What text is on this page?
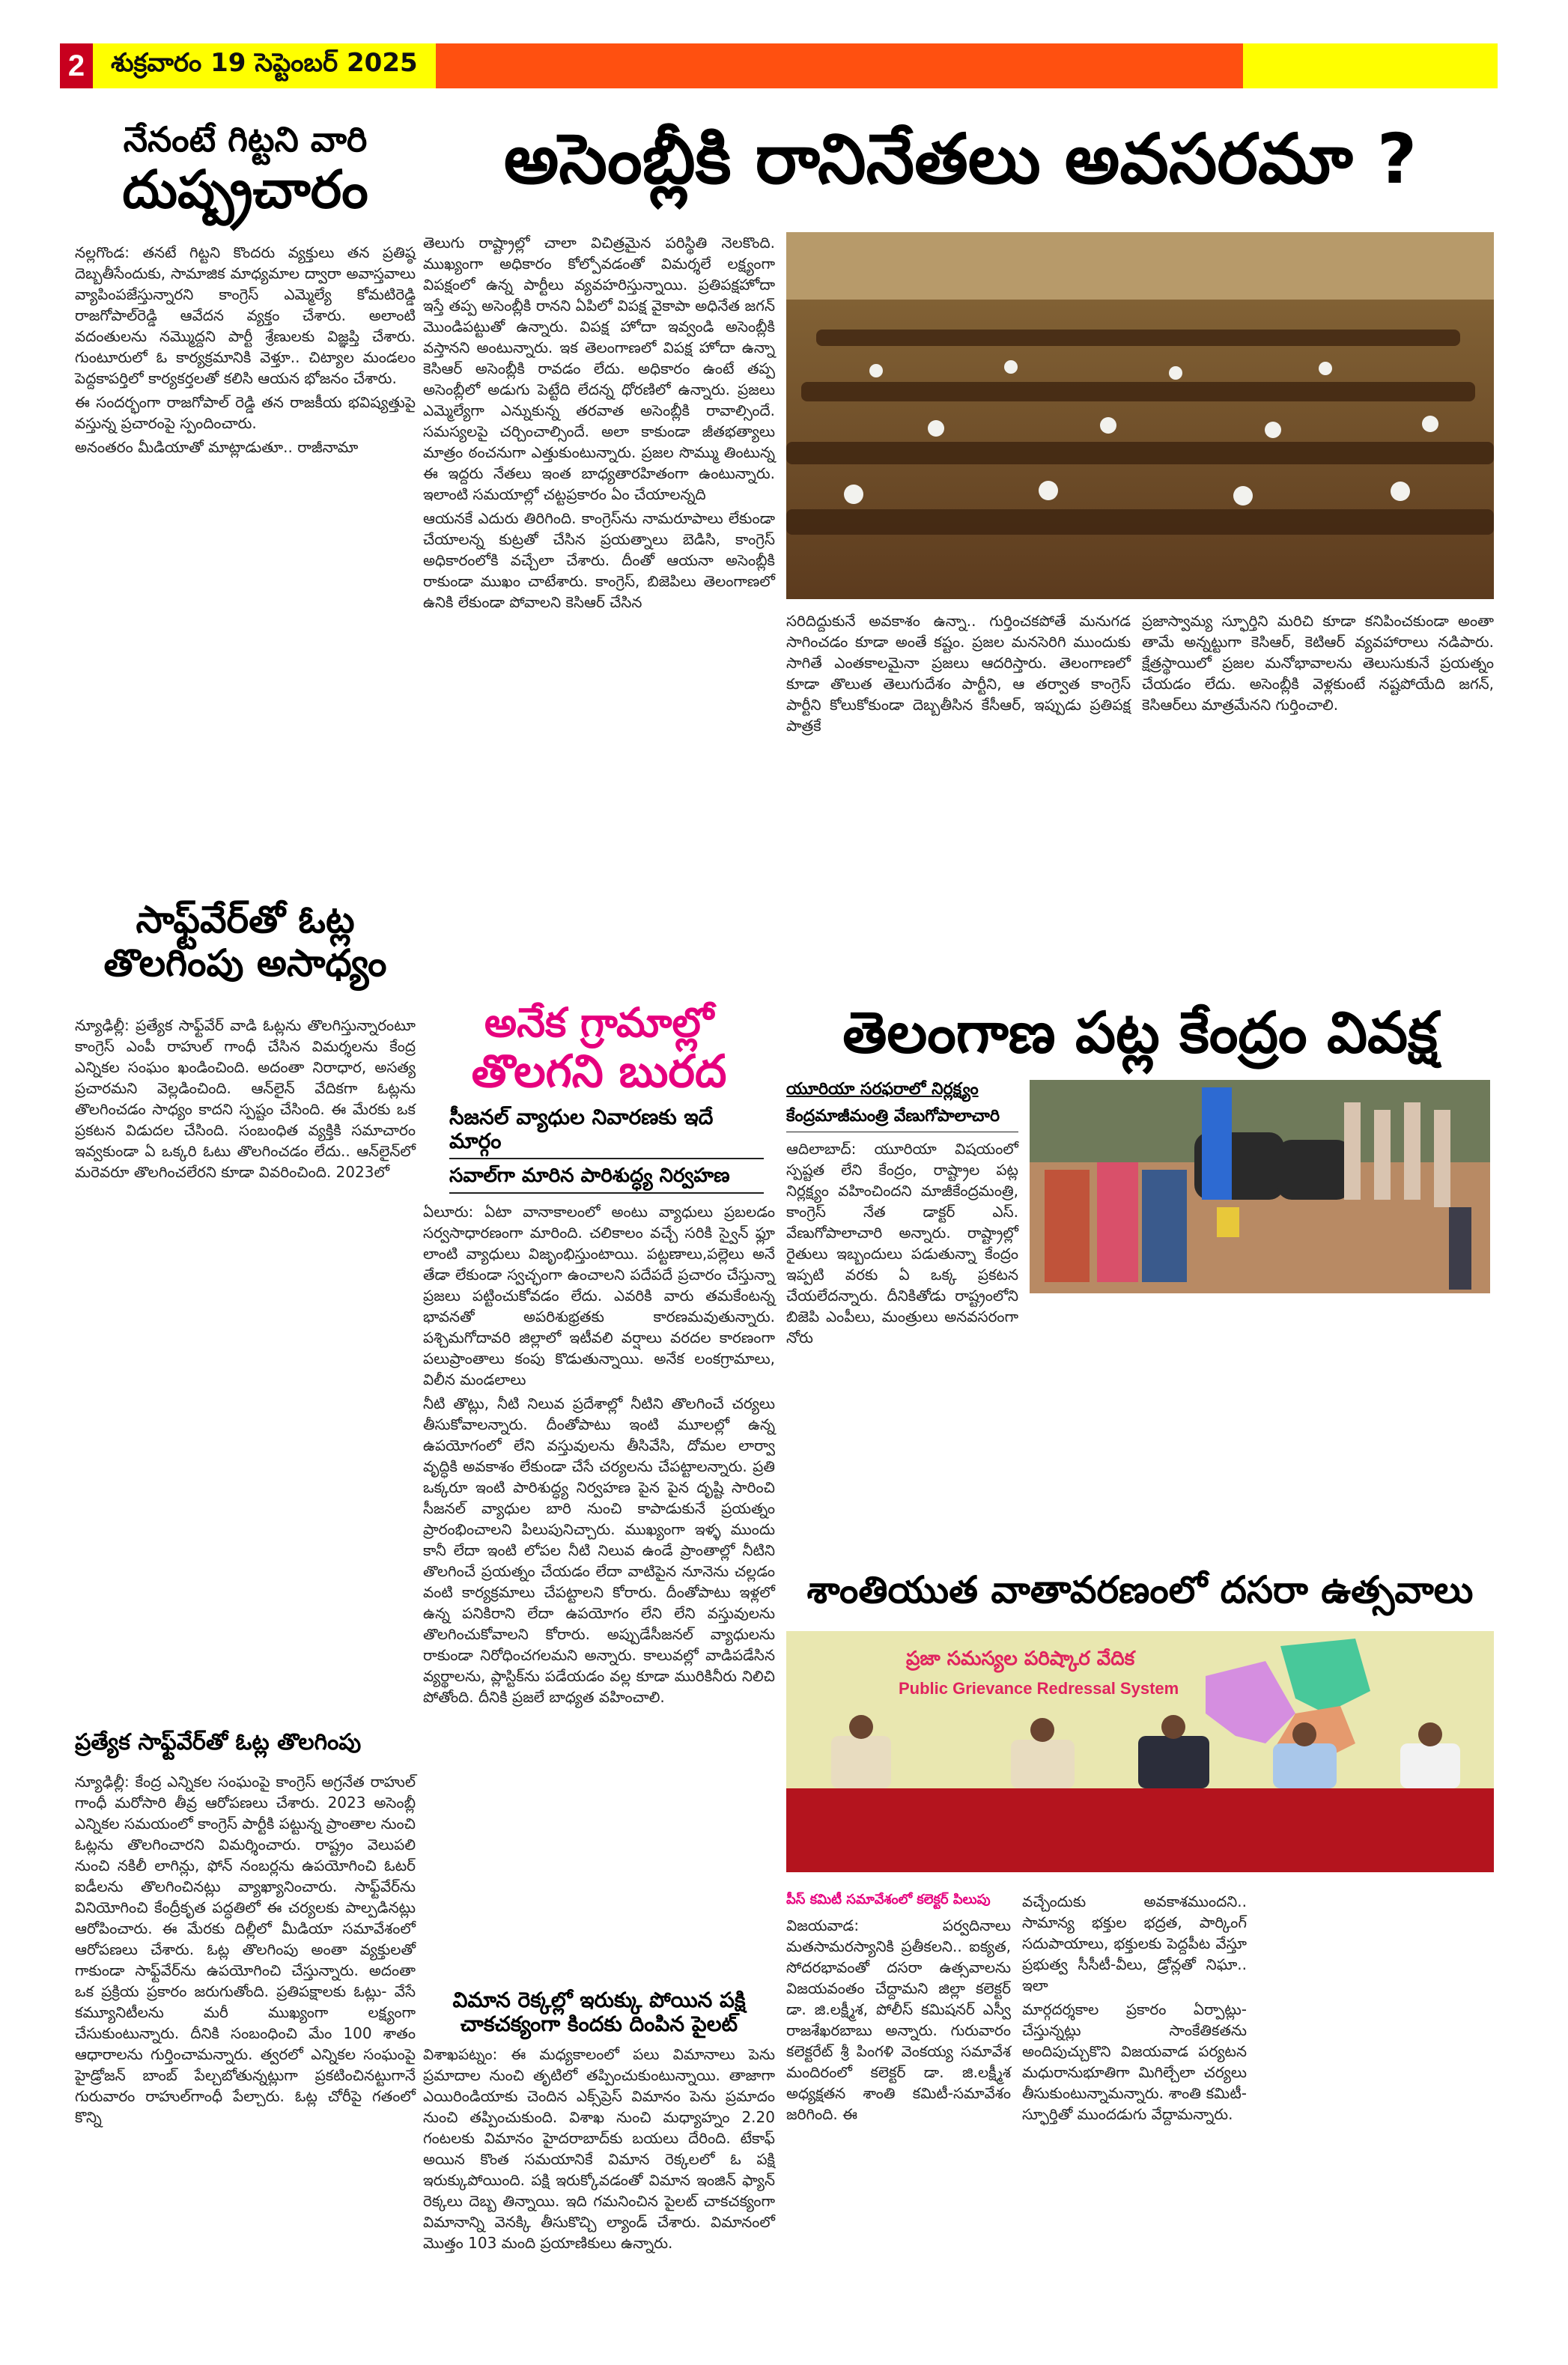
2	శుక్రవారం 19 సెప్టెంబర్ 2025
నేనంటే గిట్టని వారి
దుష్ప్రచారం

నల్లగొండ: తనటే గిట్టని కొందరు వ్యక్తులు తన ప్రతిష్ఠ దెబ్బతీసేందుకు, సామాజిక మాధ్యమాల ద్వారా అవాస్తవాలు వ్యాపింపజేస్తున్నారని కాంగ్రెస్ ఎమ్మెల్యే కోమటిరెడ్డి రాజగోపాల్‌రెడ్డి ఆవేదన వ్యక్తం చేశారు. అలాంటి వదంతులను నమ్మొద్దని పార్టీ శ్రేణులకు విజ్ఞప్తి చేశారు. గుంటూరులో ఓ కార్యక్రమానికి వెళ్తూ.. చిట్యాల మండలం పెద్దకాపర్తిలో కార్యకర్తలతో కలిసి ఆయన భోజనం చేశారు.

ఈ సందర్భంగా రాజగోపాల్ రెడ్డి తన రాజకీయ భవిష్యత్తుపై వస్తున్న ప్రచారంపై స్పందించారు.

అనంతరం మీడియాతో మాట్లాడుతూ.. రాజీనామా

సాఫ్ట్‌వేర్‌తో ఓట్ల
తొలగింపు అసాధ్యం

న్యూఢిల్లీ: ప్రత్యేక సాఫ్ట్‌వేర్ వాడి ఓట్లను తొలగిస్తున్నారంటూ కాంగ్రెస్ ఎంపీ రాహుల్ గాంధీ చేసిన విమర్శలను కేంద్ర ఎన్నికల సంఘం ఖండించింది. అదంతా నిరాధార, అసత్య ప్రచారమని వెల్లడించింది. ఆన్‌లైన్ వేదికగా ఓట్లను తొలగించడం సాధ్యం కాదని స్పష్టం చేసింది. ఈ మేరకు ఒక ప్రకటన విడుదల చేసింది. సంబంధిత వ్యక్తికి సమాచారం ఇవ్వకుండా ఏ ఒక్కరి ఓటు తొలగించడం లేదు.. ఆన్‌లైన్‌లో మరెవరూ తొలగించలేరని కూడా వివరించింది. 2023లో

ప్రత్యేక సాఫ్ట్‌వేర్‌తో ఓట్ల తొలగింపు

న్యూఢిల్లీ: కేంద్ర ఎన్నికల సంఘంపై కాంగ్రెస్ అగ్రనేత రాహుల్ గాంధీ మరోసారి తీవ్ర ఆరోపణలు చేశారు. 2023 అసెంబ్లీ ఎన్నికల సమయంలో కాంగ్రెస్ పార్టీకి పట్టున్న ప్రాంతాల నుంచి ఓట్లను తొలగించారని విమర్శించారు. రాష్ట్రం వెలుపలి నుంచి నకిలీ లాగిన్లు, ఫోన్ నంబర్లను ఉపయోగించి ఓటర్ ఐడీలను తొలగించినట్లు వ్యాఖ్యానించారు. సాఫ్ట్‌వేర్‌ను వినియోగించి కేంద్రీకృత పద్ధతిలో ఈ చర్యలకు పాల్పడినట్లు ఆరోపించారు. ఈ మేరకు దిల్లీలో మీడియా సమావేశంలో ఆరోపణలు చేశారు. ఓట్ల తొలగింపు అంతా వ్యక్తులతో గాకుండా సాఫ్ట్‌వేర్‌ను ఉపయోగించి చేస్తున్నారు. అదంతా ఒక ప్రక్రియ ప్రకారం జరుగుతోంది. ప్రతిపక్షాలకు ఓట్లు- వేసే కమ్యూనిటీలను మరీ ముఖ్యంగా లక్ష్యంగా చేసుకుంటున్నారు. దీనికి సంబంధించి మేం 100 శాతం ఆధారాలను గుర్తించామన్నారు. త్వరలో ఎన్నికల సంఘంపై హైడ్రోజన్ బాంబ్ పేల్చబోతున్నట్లుగా ప్రకటించినట్టుగానే గురువారం రాహుల్‌గాంధీ పేల్చారు. ఓట్ల చోరీపై గతంలో కొన్ని

అసెంబ్లీకి రానినేతలు అవసరమా ?

తెలుగు రాష్ట్రాల్లో చాలా విచిత్రమైన పరిస్థితి నెలకొంది. ముఖ్యంగా అధికారం కోల్పోవడంతో విమర్శలే లక్ష్యంగా విపక్షంలో ఉన్న పార్టీలు వ్యవహరిస్తున్నాయి. ప్రతిపక్షహోదా ఇస్తే తప్ప అసెంబ్లీకి రానని ఏపిలో విపక్ష వైకాపా అధినేత జగన్ మొండిపట్టుతో ఉన్నారు. విపక్ష హోదా ఇవ్వండి అసెంబ్లీకి వస్తానని అంటున్నారు. ఇక తెలంగాణలో విపక్ష హోదా ఉన్నా కెసిఆర్ అసెంబ్లీకి రావడం లేదు. అధికారం ఉంటే తప్ప అసెంబ్లీలో అడుగు పెట్టేది లేదన్న ధోరణిలో ఉన్నారు. ప్రజలు ఎమ్మెల్యేగా ఎన్నుకున్న తరవాత అసెంబ్లీకి రావాల్సిందే. సమస్యలపై చర్చించాల్సిందే. అలా కాకుండా జీతభత్యాలు మాత్రం ఠంచనుగా ఎత్తుకుంటున్నారు. ప్రజల సొమ్ము తింటున్న ఈ ఇద్దరు నేతలు ఇంత బాధ్యతారహితంగా ఉంటున్నారు. ఇలాంటి సమయాల్లో చట్టప్రకారం ఏం చేయాలన్నది

ఆయనకే ఎదురు తిరిగింది. కాంగ్రెస్‌ను నామరూపాలు లేకుండా చేయాలన్న కుట్రతో చేసిన ప్రయత్నాలు బెడిసి, కాంగ్రెస్ అధికారంలోకి వచ్చేలా చేశారు. దీంతో ఆయనా అసెంబ్లీకి రాకుండా ముఖం చాటేశారు. కాంగ్రెస్, బిజెపిలు తెలంగాణలో ఉనికి లేకుండా పోవాలని కెసిఆర్ చేసిన

అనేక గ్రామాల్లో
తొలగని బురద
సీజనల్ వ్యాధుల నివారణకు ఇదే మార్గం
సవాల్‌గా మారిన పారిశుద్ధ్య నిర్వహణ

ఏలూరు: ఏటా వానాకాలంలో అంటు వ్యాధులు ప్రబలడం సర్వసాధారణంగా మారింది. చలికాలం వచ్చే సరికి స్వైన్ ఫ్లూ లాంటి వ్యాధులు విజృంభిస్తుంటాయి. పట్టణాలు,పల్లెలు అనే తేడా లేకుండా స్వచ్ఛంగా ఉంచాలని పదేపదే ప్రచారం చేస్తున్నా ప్రజలు పట్టించుకోవడం లేదు. ఎవరికి వారు తమకేంటన్న భావనతో అపరిశుభ్రతకు కారణమవుతున్నారు. పశ్చిమగోదావరి జిల్లాలో ఇటీవలి వర్షాలు వరదల కారణంగా పలుప్రాంతాలు కంపు కొడుతున్నాయి. అనేక లంకగ్రామాలు, విలీన మండలాలు

నీటి తొట్లు, నీటి నిలువ ప్రదేశాల్లో నీటిని తొలగించే చర్యలు తీసుకోవాలన్నారు. దీంతోపాటు ఇంటి మూలల్లో ఉన్న ఉపయోగంలో లేని వస్తువులను తీసివేసి, దోమల లార్వా వృద్ధికి అవకాశం లేకుండా చేసే చర్యలను చేపట్టాలన్నారు. ప్రతి ఒక్కరూ ఇంటి పారిశుద్ధ్య నిర్వహణ పైన పైన దృష్టి సారించి సీజనల్ వ్యాధుల బారి నుంచి కాపాడుకునే ప్రయత్నం ప్రారంభించాలని పిలుపునిచ్చారు. ముఖ్యంగా ఇళ్ళ ముందు కానీ లేదా ఇంటి లోపల నీటి నిలువ ఉండే ప్రాంతాల్లో నీటిని తొలగించే ప్రయత్నం చేయడం లేదా వాటిపైన నూనెను చల్లడం వంటి కార్యక్రమాలు చేపట్టాలని కోరారు. దీంతోపాటు ఇళ్లలో ఉన్న పనికిరాని లేదా ఉపయోగం లేని లేని వస్తువులను తొలగించుకోవాలని కోరారు. అప్పుడేసీజనల్ వ్యాధులను రాకుండా నిరోధించగలమని అన్నారు. కాలువల్లో వాడిపడేసిన వ్యర్థాలను, ప్లాస్టిక్‌ను పడేయడం వల్ల కూడా మురికినీరు నిలిచి పోతోంది. దీనికి ప్రజలే బాధ్యత వహించాలి.

విమాన రెక్కల్లో ఇరుక్కు పోయిన పక్షి
చాకచక్యంగా కిందకు దింపిన పైలట్

విశాఖపట్నం: ఈ మధ్యకాలంలో పలు విమానాలు పెను ప్రమాదాల నుంచి తృటిలో తప్పించుకుంటున్నాయి. తాజాగా ఎయిరిండియాకు చెందిన ఎక్స్‌ప్రెస్ విమానం పెను ప్రమాదం నుంచి తప్పించుకుంది. విశాఖ నుంచి మధ్యాహ్నం 2.20 గంటలకు విమానం హైదరాబాద్‌కు బయలు దేరింది. టేకాఫ్ అయిన కొంత సమయానికే విమాన రెక్కలలో ఓ పక్షి ఇరుక్కుపోయింది. పక్షి ఇరుక్కోవడంతో విమాన ఇంజిన్ ఫ్యాన్ రెక్కలు దెబ్బ తిన్నాయి. ఇది గమనించిన పైలట్ చాకచక్యంగా విమానాన్ని వెనక్కి తీసుకొచ్చి ల్యాండ్ చేశారు. విమానంలో మొత్తం 103 మంది ప్రయాణికులు ఉన్నారు.

సరిదిద్దుకునే అవకాశం ఉన్నా.. గుర్తించకపోతే మనుగడ సాగించడం కూడా అంతే కష్టం. ప్రజల మనసెరిగి ముందుకు సాగితే ఎంతకాలమైనా ప్రజలు ఆదరిస్తారు. తెలంగాణలో కూడా తొలుత తెలుగుదేశం పార్టీని, ఆ తర్వాత కాంగ్రెస్ పార్టీని కోలుకోకుండా దెబ్బతీసిన కేసీఆర్, ఇప్పుడు ప్రతిపక్ష పాత్రకే

ప్రజాస్వామ్య స్ఫూర్తిని మరిచి కూడా కనిపించకుండా అంతా తామే అన్నట్టుగా కెసిఆర్, కెటిఆర్ వ్యవహారాలు నడిపారు. క్షేత్రస్థాయిలో ప్రజల మనోభావాలను తెలుసుకునే ప్రయత్నం చేయడం లేదు. అసెంబ్లీకి వెళ్లకుంటే నష్టపోయేది జగన్, కెసిఆర్‌లు మాత్రమేనని గుర్తించాలి.

తెలంగాణ పట్ల కేంద్రం వివక్ష
యూరియా సరఫరాలో నిర్లక్ష్యం
కేంద్రమాజీమంత్రి వేణుగోపాలాచారి

ఆదిలాబాద్: యూరియా విషయంలో స్పష్టత లేని కేంద్రం, రాష్ట్రాల పట్ల నిర్లక్ష్యం వహించిందని మాజీకేంద్రమంత్రి, కాంగ్రెస్ నేత డాక్టర్ ఎస్. వేణుగోపాలాచారి అన్నారు. రాష్ట్రాల్లో రైతులు ఇబ్బందులు పడుతున్నా కేంద్రం ఇప్పటి వరకు ఏ ఒక్క ప్రకటన చేయలేదన్నారు. దీనికితోడు రాష్ట్రంలోని బిజెపి ఎంపీలు, మంత్రులు అనవసరంగా నోరు

శాంతియుత వాతావరణంలో దసరా ఉత్సవాలు
ప్రజా సమస్యల పరిష్కార వేదిక
Public Grievance Redressal System
పీస్ కమిటీ సమావేశంలో కలెక్టర్ పిలుపు

విజయవాడ: పర్వదినాలు మతసామరస్యానికి ప్రతీకలని.. ఐక్యత, సోదరభావంతో దసరా ఉత్సవాలను విజయవంతం చేద్దామని జిల్లా కలెక్టర్ డా. జి.లక్ష్మీశ, పోలీస్ కమిషనర్ ఎస్వీ రాజశేఖరబాబు అన్నారు. గురువారం కలెక్టరేట్ శ్రీ పింగళి వెంకయ్య సమావేశ మందిరంలో కలెక్టర్ డా. జి.లక్ష్మీశ అధ్యక్షతన శాంతి కమిటీ-సమావేశం జరిగింది. ఈ

వచ్చేందుకు అవకాశముందని.. సామాన్య భక్తుల భద్రత, పార్కింగ్ సదుపాయాలు, భక్తులకు పెద్దపీట వేస్తూ ప్రభుత్వ సీసీటీ-వీలు, డ్రోన్లతో నిఘా.. ఇలా

మార్గదర్శకాల ప్రకారం ఏర్పాట్లు- చేస్తున్నట్లు సాంకేతికతను అందిపుచ్చుకొని విజయవాడ పర్యటన మధురానుభూతిగా మిగిల్చేలా చర్యలు తీసుకుంటున్నామన్నారు. శాంతి కమిటీ- స్ఫూర్తితో ముందడుగు వేద్దామన్నారు.
